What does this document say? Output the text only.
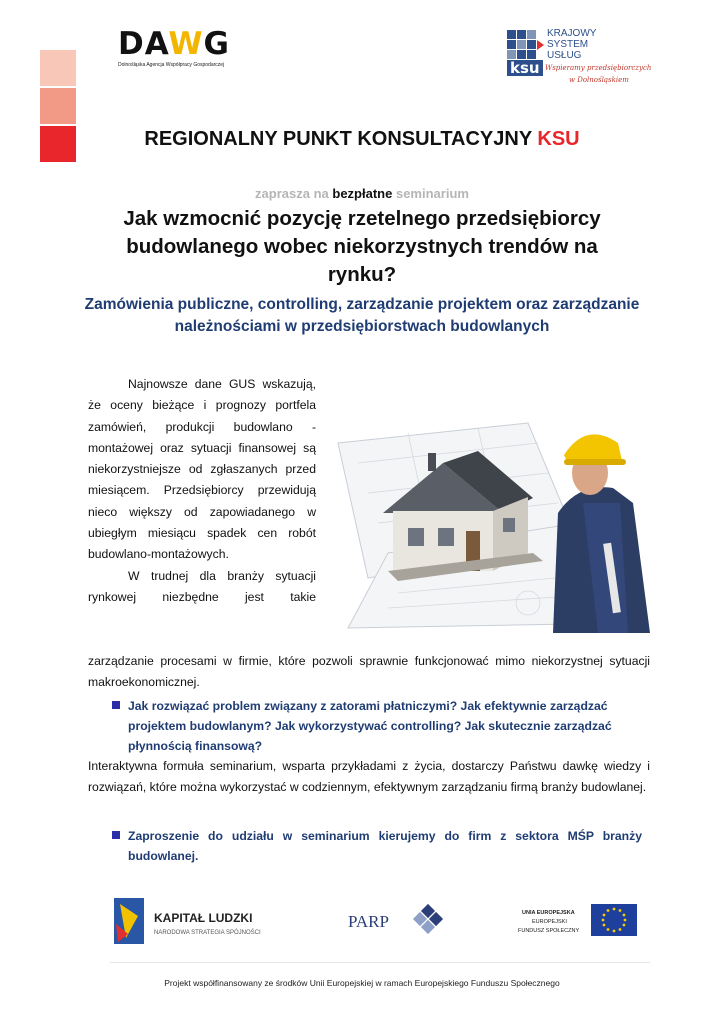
DAWG
Dolnośląska Agencja Współpracy Gospodarczej	ksu
KRAJOWY
SYSTEM
USŁUG
Wspieramy przedsiębiorczych
w Dolnośląskiem
REGIONALNY PUNKT KONSULTACYJNY KSU
zaprasza na bezpłatne seminarium
Jak wzmocnić pozycję rzetelnego przedsiębiorcy budowlanego wobec niekorzystnych trendów na rynku?
Zamówienia publiczne, controlling, zarządzanie projektem oraz zarządzanie należnościami w przedsiębiorstwach budowlanych

Najnowsze dane GUS wskazują, że oceny bieżące i prognozy portfela zamówień, produkcji budowlano - montażowej oraz sytuacji finansowej są niekorzystniejsze od zgłaszanych przed miesiącem. Przedsiębiorcy przewidują nieco większy od zapowiadanego w ubiegłym miesiącu spadek cen robót budowlano-montażowych.

W trudnej dla branży sytuacji rynkowej niezbędne jest takie

zarządzanie procesami w firmie, które pozwoli sprawnie funkcjonować mimo niekorzystnej sytuacji makroekonomicznej.
Jak rozwiązać problem związany z zatorami płatniczymi? Jak efektywnie zarządzać projektem budowlanym? Jak wykorzystywać controlling? Jak skutecznie zarządzać płynnością finansową?
Interaktywna formuła seminarium, wsparta przykładami z życia, dostarczy Państwu dawkę wiedzy i rozwiązań, które można wykorzystać w codziennym, efektywnym zarządzaniu firmą branży budowlanej.
Zaproszenie do udziału w seminarium kierujemy do firm z sektora MŚP branży budowlanej.
KAPITAŁ LUDZKI
NARODOWA STRATEGIA SPÓJNOŚCI
PARP	UNIA EUROPEJSKA
EUROPEJSKI
FUNDUSZ SPOŁECZNY
Projekt współfinansowany ze środków Unii Europejskiej w ramach Europejskiego Funduszu Społecznego
